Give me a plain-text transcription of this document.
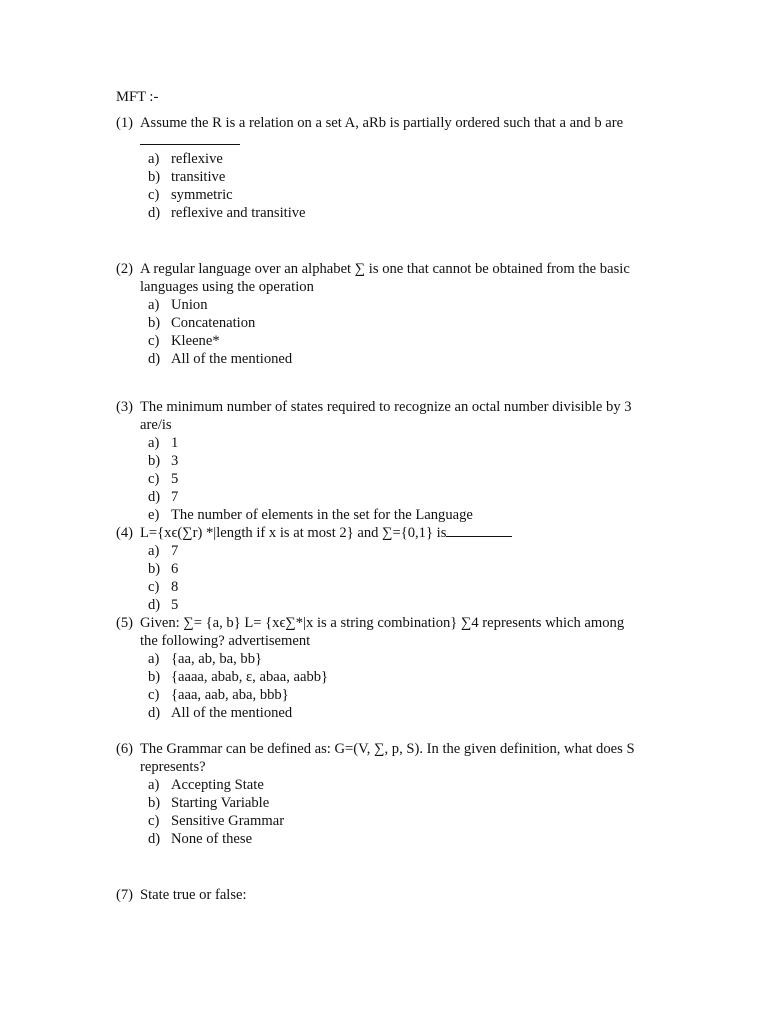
MFT :-
(1) Assume the R is a relation on a set A, aRb is partially ordered such that a and b are
a) reflexive
b) transitive
c) symmetric
d) reflexive and transitive
(2) A regular language over an alphabet ∑ is one that cannot be obtained from the basic
languages using the operation
a) Union
b) Concatenation
c) Kleene*
d) All of the mentioned
(3) The minimum number of states required to recognize an octal number divisible by 3
are/is
a) 1
b) 3
c) 5
d) 7
e) The number of elements in the set for the Language
(4) L={xϵ(∑r) *|length if x is at most 2} and ∑={0,1} is
a) 7
b) 6
c) 8
d) 5
(5) Given: ∑= {a, b} L= {xϵ∑*|x is a string combination} ∑4 represents which among
the following? advertisement
a) {aa, ab, ba, bb}
b) {aaaa, abab, ε, abaa, aabb}
c) {aaa, aab, aba, bbb}
d) All of the mentioned
(6) The Grammar can be defined as: G=(V, ∑, p, S). In the given definition, what does S
represents?
a) Accepting State
b) Starting Variable
c) Sensitive Grammar
d) None of these
(7) State true or false:
